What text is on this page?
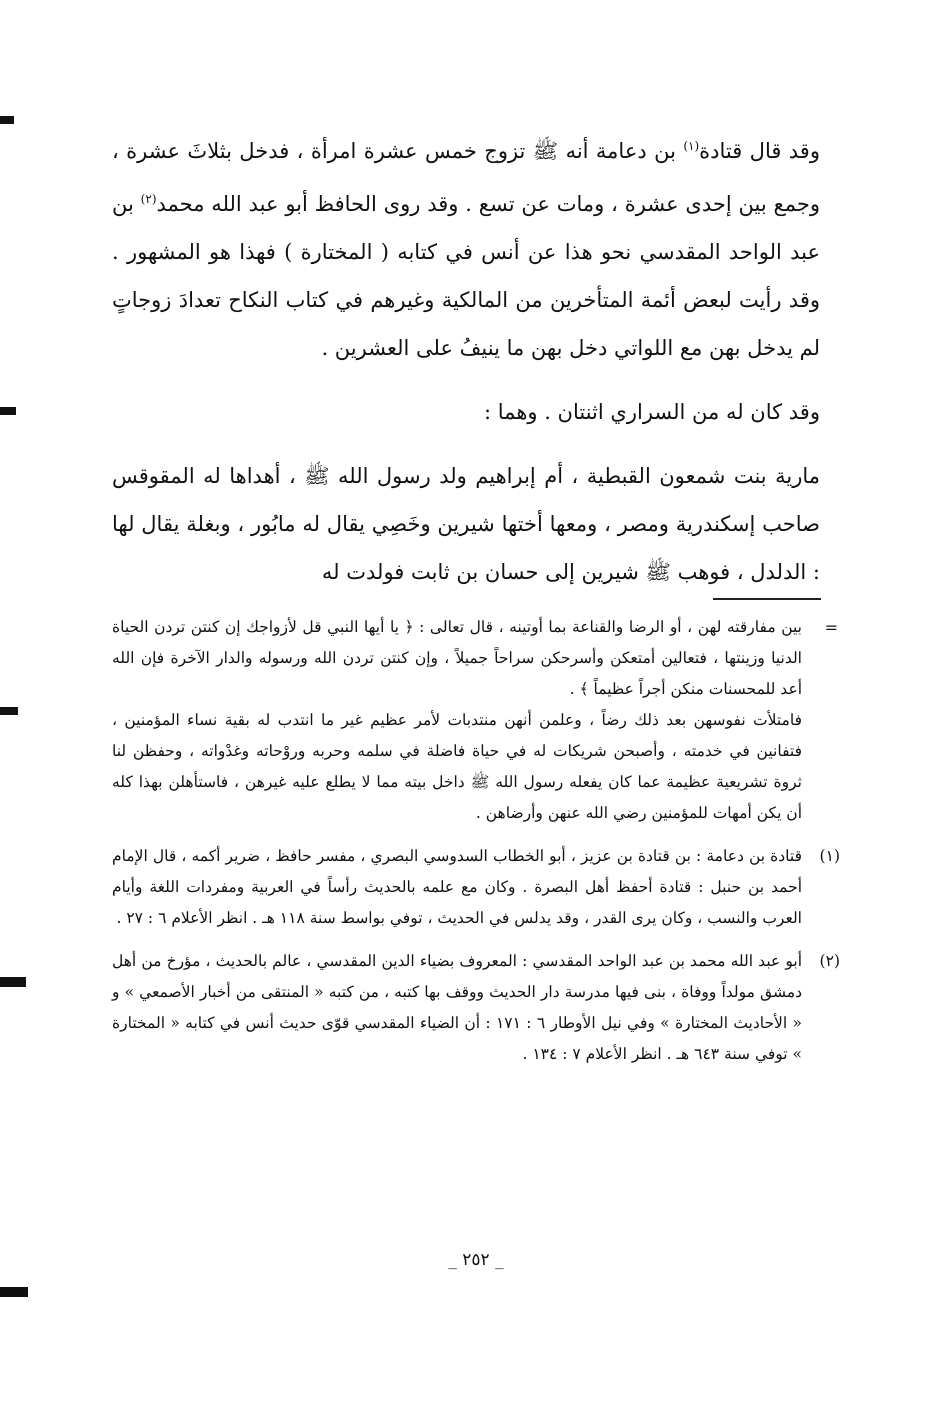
وقد قال قتادة$^{(١)}$ بن دعامة أنه ﷺ تزوج خمس عشرة امرأة ، فدخل بثلاثَ عشرة ، وجمع بين إحدى عشرة ، ومات عن تسع . وقد روى الحافظ أبو عبد الله محمد$^{(٢)}$ بن عبد الواحد المقدسي نحو هذا عن أنس في كتابه ( المختارة ) فهذا هو المشهور . وقد رأيت لبعض أئمة المتأخرين من المالكية وغيرهم في كتاب النكاح تعدادَ زوجاتٍ لم يدخل بهن مع اللواتي دخل بهن ما ينيفُ على العشرين .

وقد كان له من السراري اثنتان . وهما :

مارية بنت شمعون القبطية ، أم إبراهيم ولد رسول الله ﷺ ، أهداها له المقوقس صاحب إسكندرية ومصر ، ومعها أختها شيرين وخَصِي يقال له مابُور ، وبغلة يقال لها : الدلدل ، فوهب ﷺ شيرين إلى حسان بن ثابت فولدت له

=

بين مفارقته لهن ، أو الرضا والقناعة بما أوتينه ، قال تعالى : ﴿ يا أيها النبي قل لأزواجك إن كنتن تردن الحياة الدنيا وزينتها ، فتعالين أمتعكن وأسرحكن سراحاً جميلاً ، وإن كنتن تردن الله ورسوله والدار الآخرة فإن الله أعد للمحسنات منكن أجراً عظيماً ﴾ .

فامتلأت نفوسهن بعد ذلك رضاً ، وعلمن أنهن منتدبات لأمر عظيم غير ما انتدب له بقية نساء المؤمنين ، فتفانين في خدمته ، وأصبحن شريكات له في حياة فاضلة في سلمه وحربه وروْحاته وغدْواته ، وحفظن لنا ثروة تشريعية عظيمة عما كان يفعله رسول الله ﷺ داخل بيته مما لا يطلع عليه غيرهن ، فاستأهلن بهذا كله أن يكن أمهات للمؤمنين رضي الله عنهن وأرضاهن .

(١)

قتادة بن دعامة : بن قتادة بن عزيز ، أبو الخطاب السدوسي البصري ، مفسر حافظ ، ضرير أكمه ، قال الإمام أحمد بن حنبل : قتادة أحفظ أهل البصرة . وكان مع علمه بالحديث رأساً في العربية ومفردات اللغة وأيام العرب والنسب ، وكان يرى القدر ، وقد يدلس في الحديث ، توفي بواسط سنة ١١٨ هـ . انظر الأعلام ٦ : ٢٧ .

(٢)

أبو عبد الله محمد بن عبد الواحد المقدسي : المعروف بضياء الدين المقدسي ، عالم بالحديث ، مؤرخ من أهل دمشق مولداً ووفاة ، بنى فيها مدرسة دار الحديث ووقف بها كتبه ، من كتبه « المنتقى من أخبار الأصمعي » و « الأحاديث المختارة » وفي نيل الأوطار ٦ : ١٧١ : أن الضياء المقدسي قوّى حديث أنس في كتابه « المختارة » توفي سنة ٦٤٣ هـ . انظر الأعلام ٧ : ١٣٤ .

_ ٢٥٢ _
